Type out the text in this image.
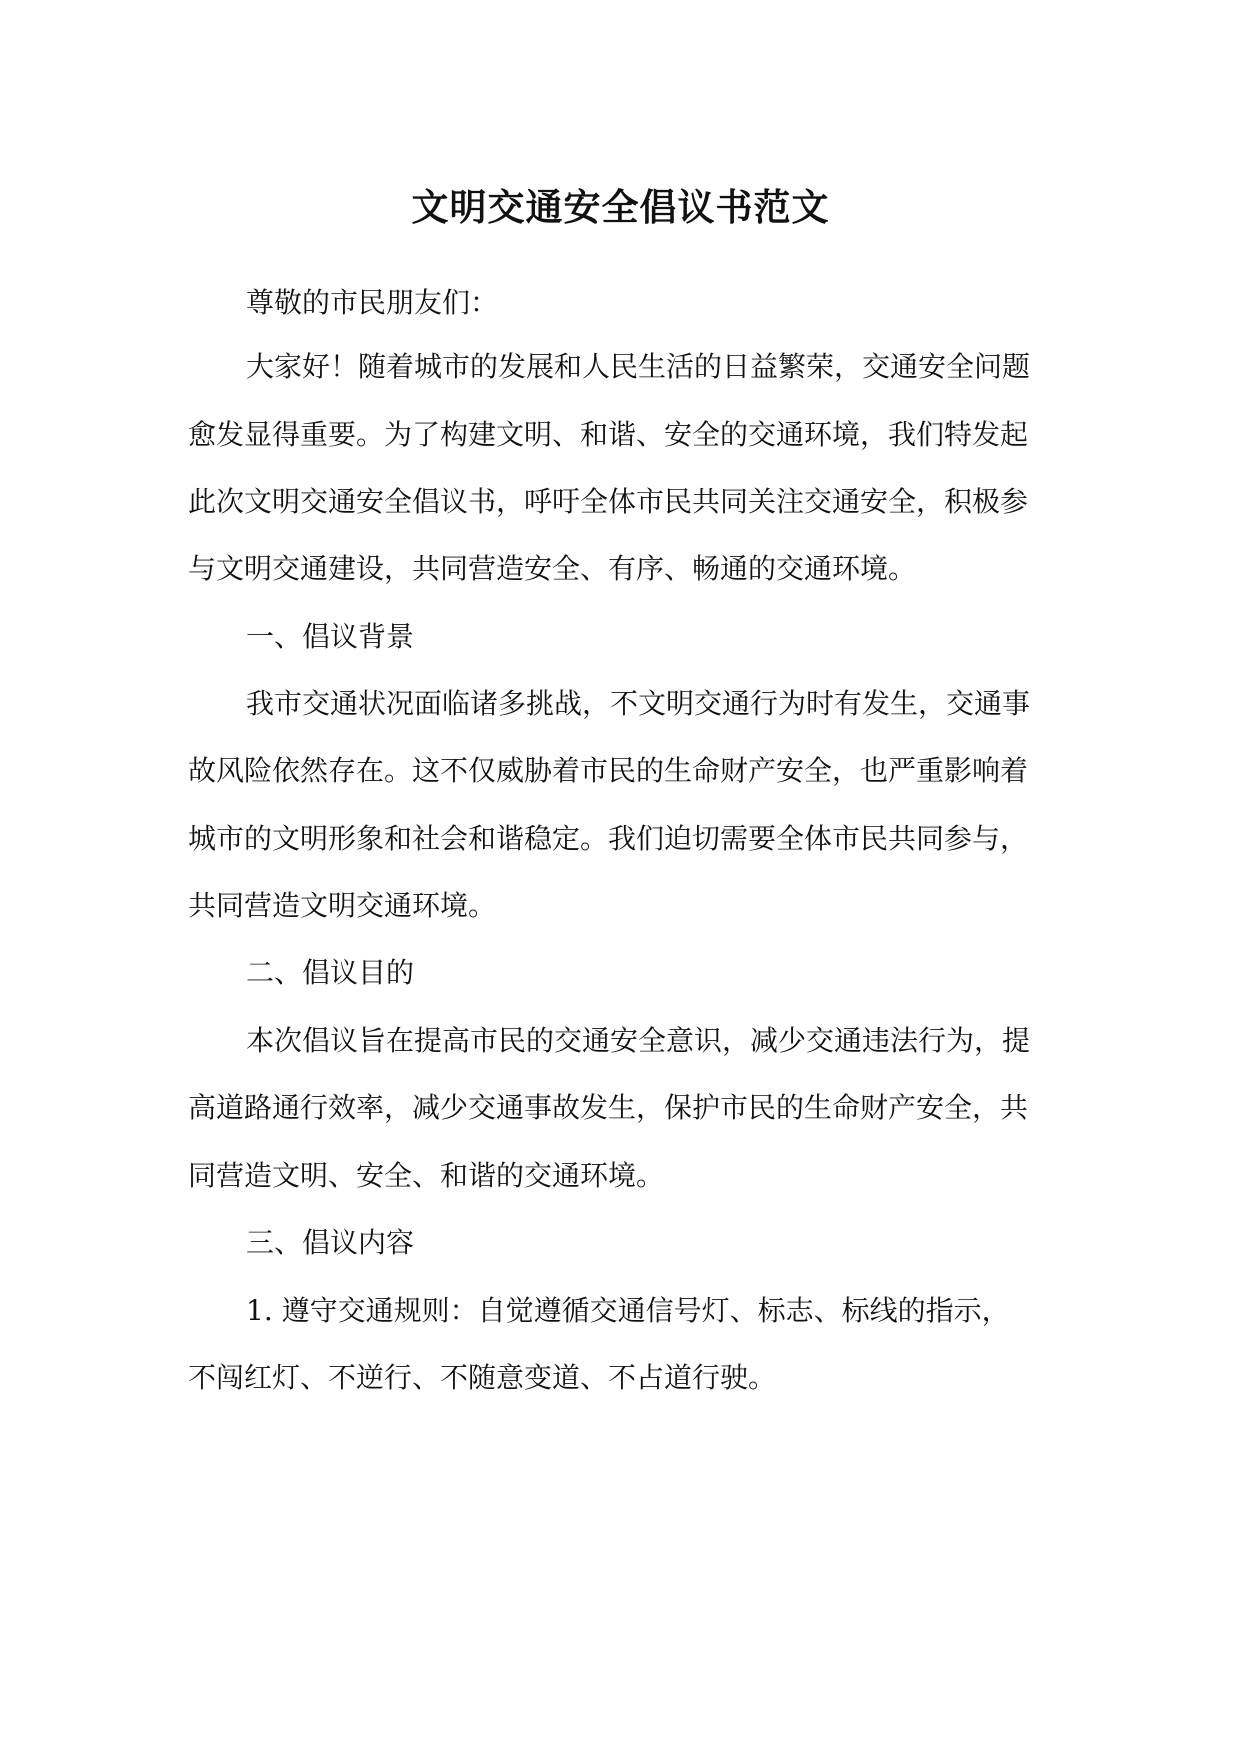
文明交通安全倡议书范文

尊敬的市民朋友们：

大家好！随着城市的发展和人民生活的日益繁荣，交通安全问题

愈发显得重要。为了构建文明、和谐、安全的交通环境，我们特发起

此次文明交通安全倡议书，呼吁全体市民共同关注交通安全，积极参

与文明交通建设，共同营造安全、有序、畅通的交通环境。

一、倡议背景

我市交通状况面临诸多挑战，不文明交通行为时有发生，交通事

故风险依然存在。这不仅威胁着市民的生命财产安全，也严重影响着

城市的文明形象和社会和谐稳定。我们迫切需要全体市民共同参与，

共同营造文明交通环境。

二、倡议目的

本次倡议旨在提高市民的交通安全意识，减少交通违法行为，提

高道路通行效率，减少交通事故发生，保护市民的生命财产安全，共

同营造文明、安全、和谐的交通环境。

三、倡议内容

1. 遵守交通规则：自觉遵循交通信号灯、标志、标线的指示，

不闯红灯、不逆行、不随意变道、不占道行驶。
